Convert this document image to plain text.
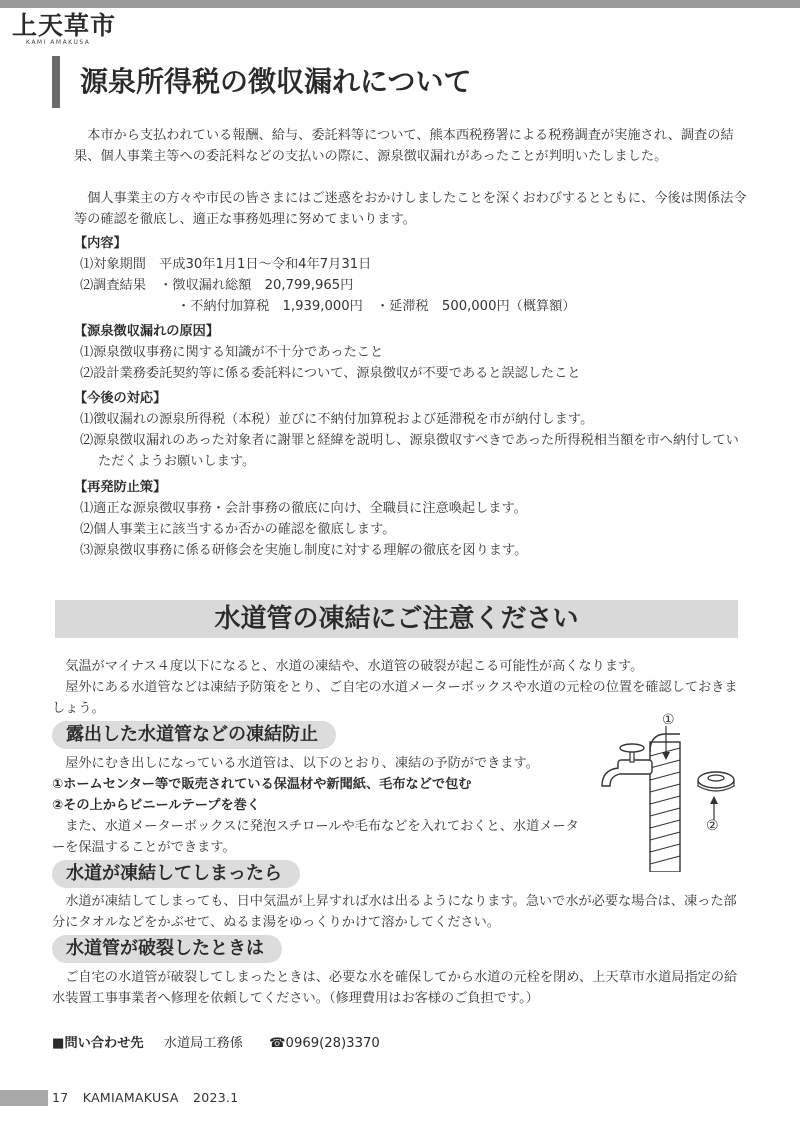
上天草市
KAMI AMAKUSA
源泉所得税の徴収漏れについて

本市から支払われている報酬、給与、委託料等について、熊本西税務署による税務調査が実施され、調査の結果、個人事業主等への委託料などの支払いの際に、源泉徴収漏れがあったことが判明いたしました。

個人事業主の方々や市民の皆さまにはご迷惑をおかけしましたことを深くおわびするとともに、今後は関係法令等の確認を徹底し、適正な事務処理に努めてまいります。

【内容】
⑴対象期間　平成30年1月1日～令和4年7月31日
⑵調査結果　・徴収漏れ総額　20,799,965円
・不納付加算税　1,939,000円　・延滞税　500,000円（概算額）
【源泉徴収漏れの原因】
⑴源泉徴収事務に関する知識が不十分であったこと
⑵設計業務委託契約等に係る委託料について、源泉徴収が不要であると誤認したこと
【今後の対応】
⑴徴収漏れの源泉所得税（本税）並びに不納付加算税および延滞税を市が納付します。
⑵源泉徴収漏れのあった対象者に謝罪と経緯を説明し、源泉徴収すべきであった所得税相当額を市へ納付していただくようお願いします。
【再発防止策】
⑴適正な源泉徴収事務・会計事務の徹底に向け、全職員に注意喚起します。
⑵個人事業主に該当するか否かの確認を徹底します。
⑶源泉徴収事務に係る研修会を実施し制度に対する理解の徹底を図ります。
水道管の凍結にご注意ください

気温がマイナス４度以下になると、水道の凍結や、水道管の破裂が起こる可能性が高くなります。

屋外にある水道管などは凍結予防策をとり、ご自宅の水道メーターボックスや水道の元栓の位置を確認しておきましょう。

露出した水道管などの凍結防止

屋外にむき出しになっている水道管は、以下のとおり、凍結の予防ができます。

①ホームセンター等で販売されている保温材や新聞紙、毛布などで包む
②その上からビニールテープを巻く

また、水道メーターボックスに発泡スチロールや毛布などを入れておくと、水道メーターを保温することができます。

①
②
水道が凍結してしまったら

水道が凍結してしまっても、日中気温が上昇すれば水は出るようになります。急いで水が必要な場合は、凍った部分にタオルなどをかぶせて、ぬるま湯をゆっくりかけて溶かしてください。

水道管が破裂したときは

ご自宅の水道管が破裂してしまったときは、必要な水を確保してから水道の元栓を閉め、上天草市水道局指定の給水装置工事事業者へ修理を依頼してください。（修理費用はお客様のご負担です。）

■問い合わせ先 水道局工務係 ☎0969(28)3370
17 KAMIAMAKUSA 2023.1
